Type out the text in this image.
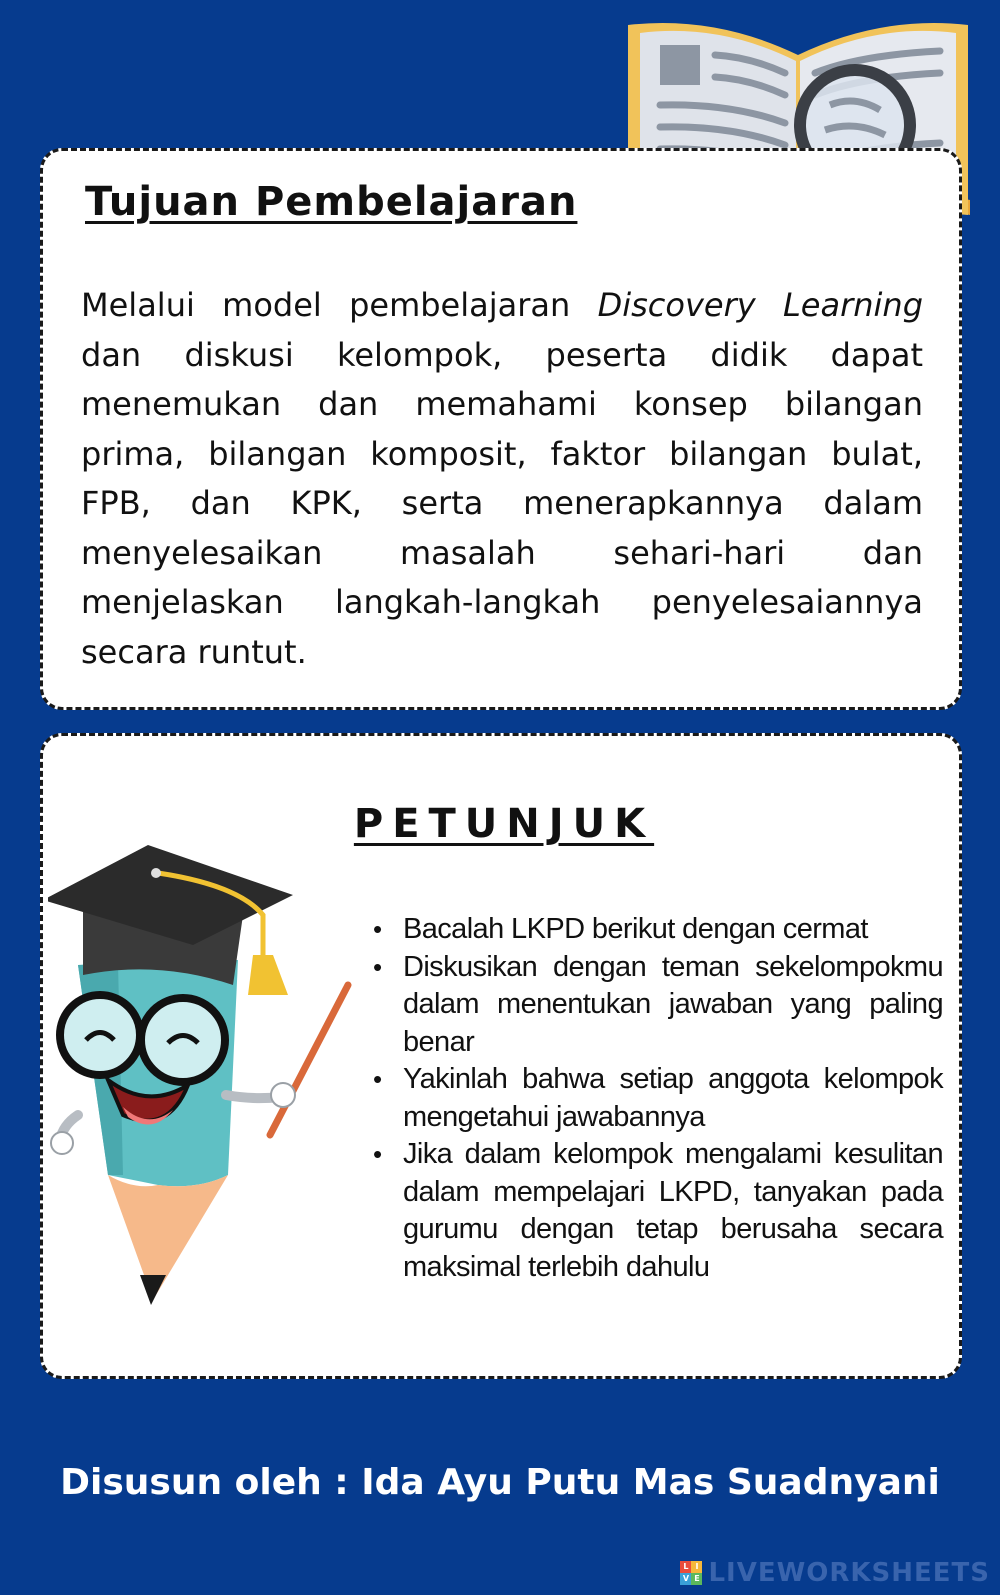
Tujuan Pembelajaran

Melalui model pembelajaran Discovery Learning dan diskusi kelompok, peserta didik dapat menemukan dan memahami konsep bilangan prima, bilangan komposit, faktor bilangan bulat, FPB, dan KPK, serta menerapkannya dalam menyelesaikan masalah sehari-hari dan menjelaskan langkah-langkah penyelesaiannya secara runtut.

PETUNJUK
• Bacalah LKPD berikut dengan cermat
• Diskusikan dengan teman sekelompokmu dalam menentukan jawaban yang paling benar
• Yakinlah bahwa setiap anggota kelompok mengetahui jawabannya
• Jika dalam kelompok mengalami kesulitan dalam mempelajari LKPD, tanyakan pada gurumu dengan tetap berusaha secara maksimal terlebih dahulu
Disusun oleh : Ida Ayu Putu Mas Suadnyani
L I
V E LIVEWORKSHEETS
